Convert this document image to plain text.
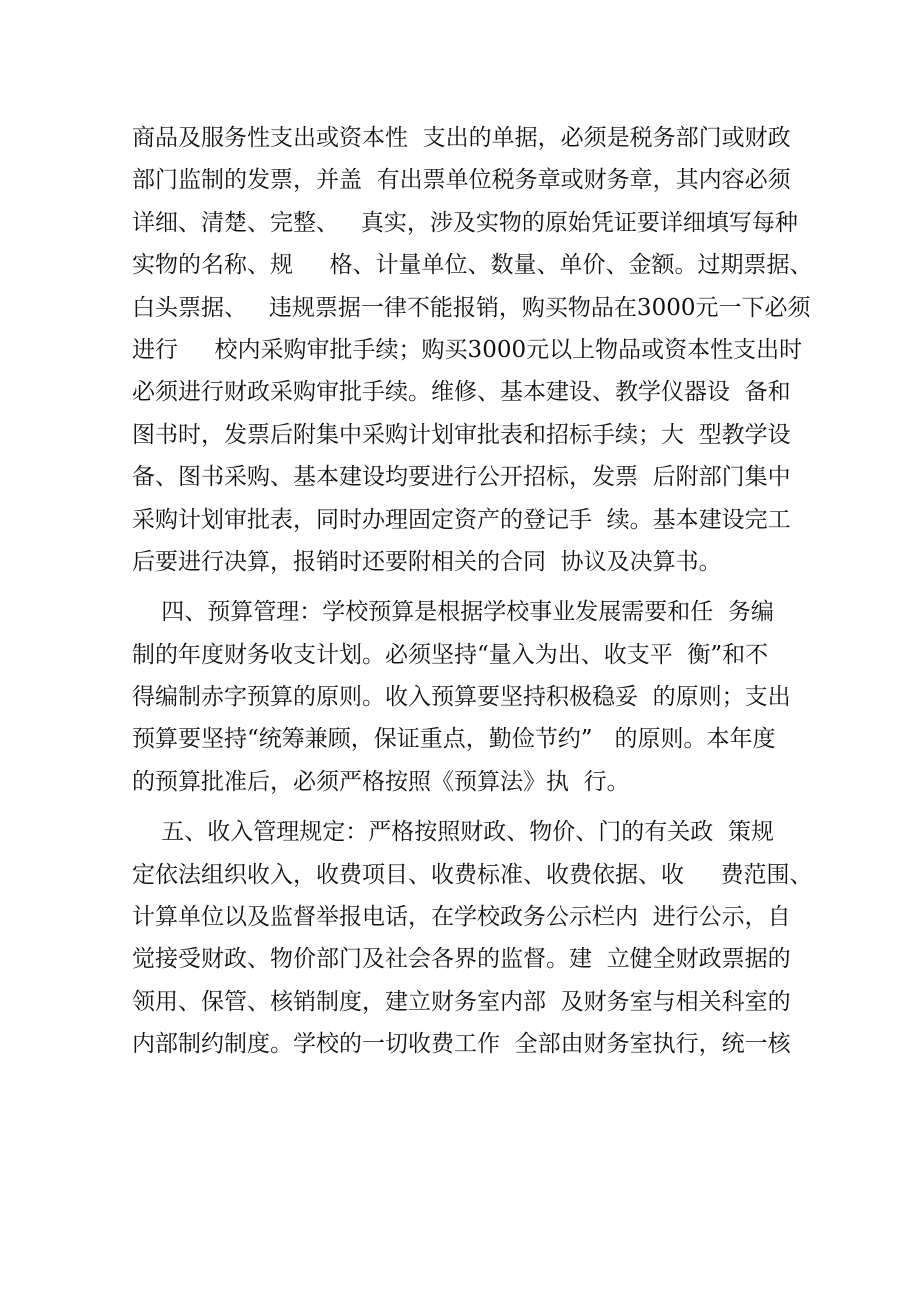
商品及服务性支出或资本性  支出的单据，必须是税务部门或财政
部门监制的发票，并盖  有出票单位税务章或财务章，其内容必须
详细、清楚、完整、   真实，涉及实物的原始凭证要详细填写每种
实物的名称、规     格、计量单位、数量、单价、金额。过期票据、
白头票据、   违规票据一律不能报销，购买物品在3000元一下必须
进行     校内采购审批手续；购买3000元以上物品或资本性支出时
必须进行财政采购审批手续。维修、基本建设、教学仪器设  备和
图书时，发票后附集中采购计划审批表和招标手续；大  型教学设
备、图书采购、基本建设均要进行公开招标，发票  后附部门集中
采购计划审批表，同时办理固定资产的登记手  续。基本建设完工
后要进行决算，报销时还要附相关的合同  协议及决算书。
四、预算管理：学校预算是根据学校事业发展需要和任  务编
制的年度财务收支计划。必须坚持“量入为出、收支平  衡”和不
得编制赤字预算的原则。收入预算要坚持积极稳妥  的原则；支出
预算要坚持“统筹兼顾，保证重点，勤俭节约”   的原则。本年度
的预算批准后，必须严格按照《预算法》执  行。
五、收入管理规定：严格按照财政、物价、门的有关政  策规
定依法组织收入，收费项目、收费标准、收费依据、收     费范围、
计算单位以及监督举报电话，在学校政务公示栏内  进行公示，自
觉接受财政、物价部门及社会各界的监督。建  立健全财政票据的
领用、保管、核销制度，建立财务室内部  及财务室与相关科室的
内部制约制度。学校的一切收费工作  全部由财务室执行，统一核
